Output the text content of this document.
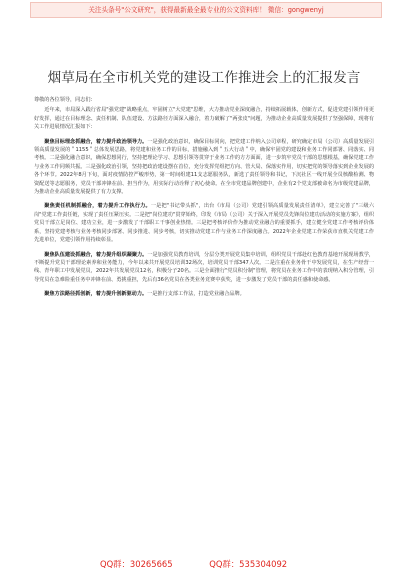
关注头条号"公文研究"，获得最新最全最专业的公文资料库！ 微信：gongwenyj
烟草局在全市机关党的建设工作推进会上的汇报发言

尊敬的各位领导，同志们：

近年来，市局深入践行省局"强党建"战略重点，牢固树立"大党建"思维，大力推动党业深度融合，持续拓展载体，创新方式，促进党建引领作用更好发挥，通过在目标理念、责任机制、队伍建设、方法路径方面深入融合，着力破解了"两张皮"问题，为推动企业高质量发展提供了坚强保障，现将有关工作进展情况汇报如下：

聚焦目标理念抓融合，着力提升政治领导力。一是强化政治意识，确保目标同向，把党建工作纳入公司章程，研究确定市局（公司）高质量发展引领高质量发展的＂1155＂总体发展思路，将党建和业务工作的目标，措施融入到＂五大行动＂中，确保牢固党的建设和业务工作同部署、同落实、同考核。二是强化融合意识，确保思想同行，坚持把理论学习、思想引领等贯穿于业务工作的方方面面，进一步筑牢党员干部的思想根基，确保党建工作与业务工作同频共振。三是强化政治引领，坚持把政治建设摆在首位，充分发挥党组把方向、管大局、保落实作用，切实把党的领导落实到企业发展的各个环节。2022年8月下旬，面对疫情防控严峻形势，第一时间组建11支志愿服务队，新选了责任领导和书记，下沉社区一线开展全员核酸检测、物资配送等志愿服务，党员干部冲锋在前、担当作为，用实际行动诠释了初心使命。在全市党建品牌创建中，企业有2个党支部被命名为市级党建品牌，为推动企业高质量发展提供了有力支撑。

聚焦责任机制抓融合，着力提升工作执行力。一是把"书记带头抓"，出台《市局（公司）党建引领高质量发展责任清单》，建立完善了"三级六岗"党建工作责任链，实现了责任压紧压实。二是把"岗位建功"贯穿始终，印发《市局（公司）关于深入开展党员先锋岗位建功活动的实施方案》，组织党员干部立足岗位、建功立业，进一步激发了干部职工干事创业热情。三是把考核评价作为推动党业融合的重要抓手，建立健全党建工作考核评价体系，坚持党建考核与业务考核同步部署、同步推进、同步考核，切实推动党建工作与业务工作深度融合。2022年企业党建工作荣获市直机关党建工作先进单位，党建引领作用持续彰显。

聚焦队伍建设抓融合，着力提升组织凝聚力。一是加强党员教育培训，分层分类开展党员集中培训，组织党员干部赴红色教育基地开展现场教学，不断提升党员干部理论素养和业务能力，今年以来共开展党员培训32场次，培训党员干部347人次。二是注重在业务骨干中发展党员，在生产经营一线、青年职工中发展党员，2022年共发展党员12名，积极分子20名。三是全面推行"党员积分制"管理，将党员在业务工作中的表现纳入积分管理，引导党员在急难险重任务中冲锋在前、勇挑重担，先后有36名党员在各类业务竞赛中获奖，进一步激发了党员干部的责任感和使命感。

聚焦方法路径抓创新，着力提升创新驱动力。一是推行支部工作法，打造党业融合品牌。

QQ群：30265665	QQ群：535304092
